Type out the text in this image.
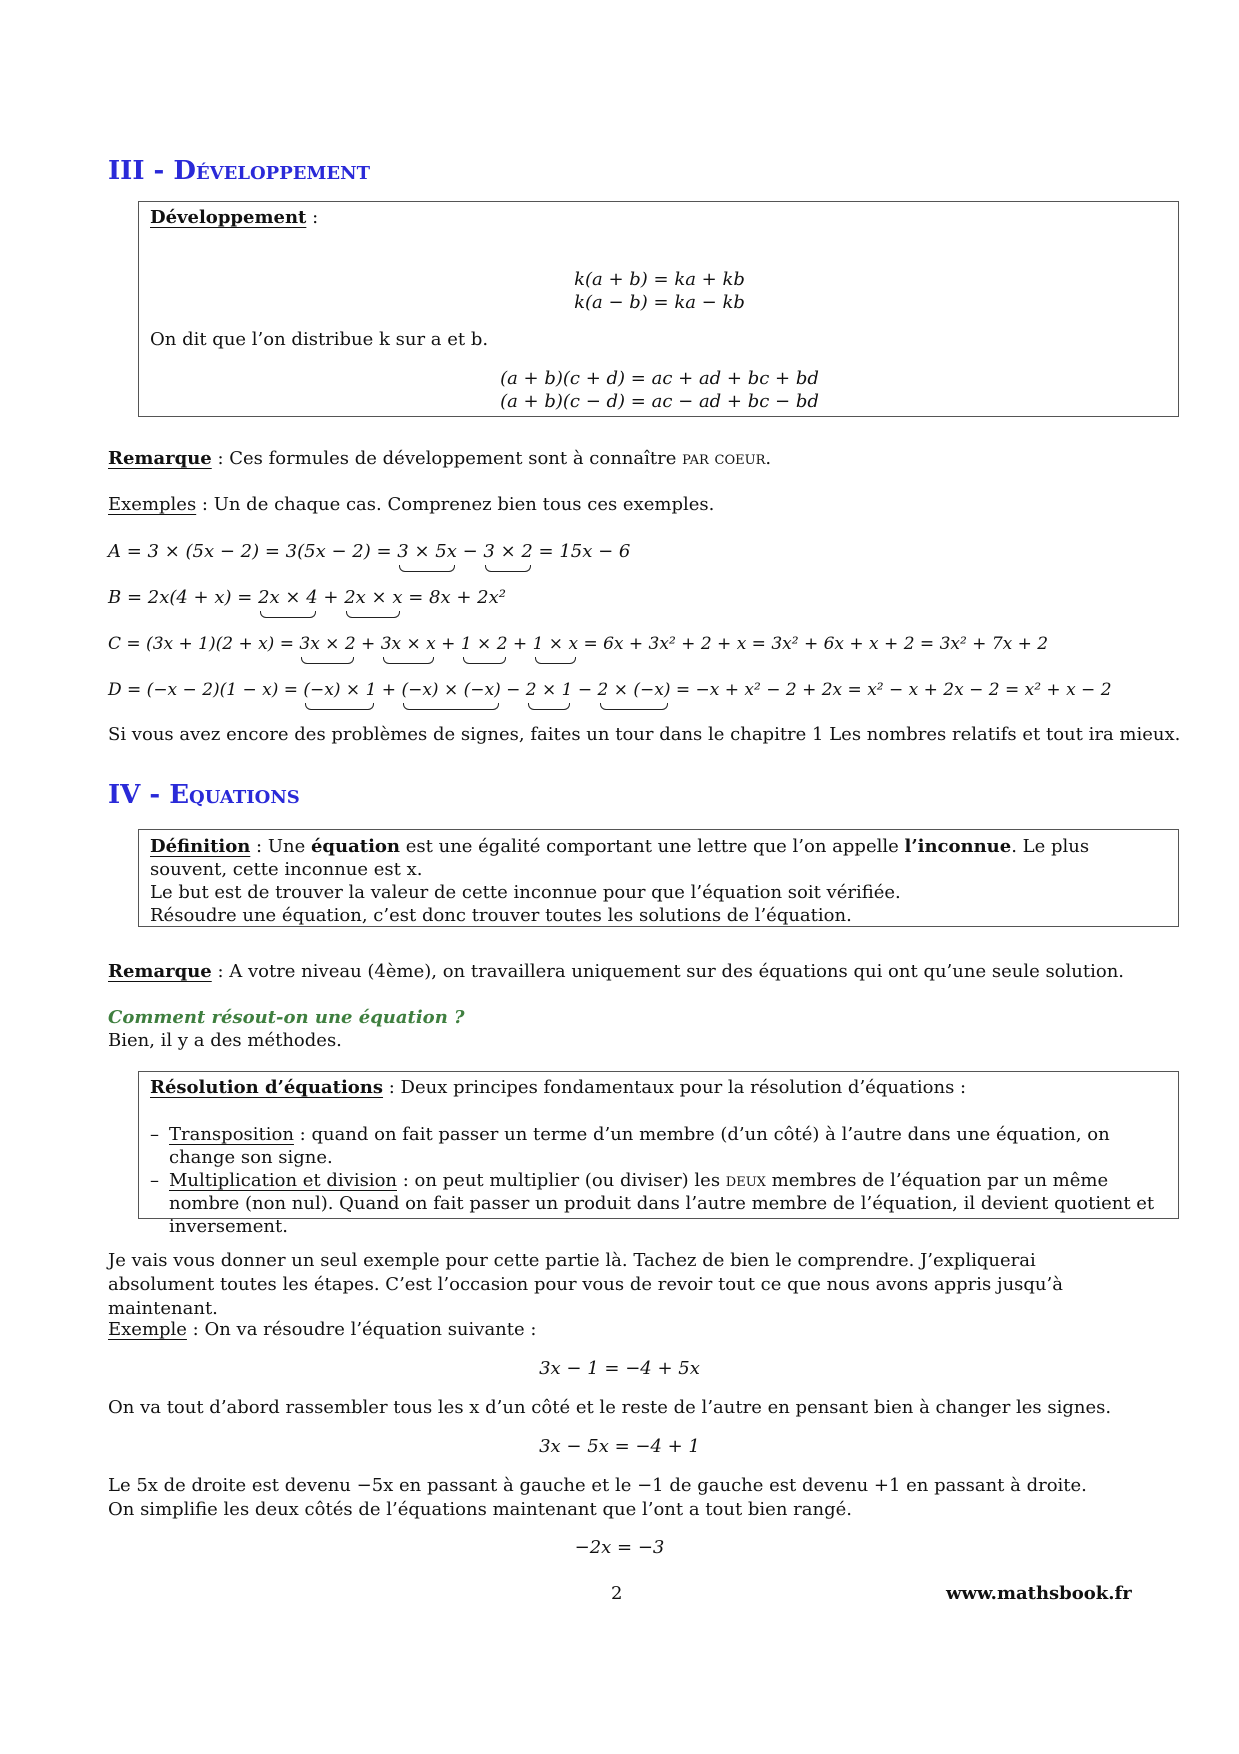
III - Développement
Développement :
k(a + b) = ka + kb
k(a − b) = ka − kb
On dit que l’on distribue k sur a et b.
(a + b)(c + d) = ac + ad + bc + bd
(a + b)(c − d) = ac − ad + bc − bd
Remarque : Ces formules de développement sont à connaître par coeur.
Exemples : Un de chaque cas. Comprenez bien tous ces exemples.
A = 3 × (5x − 2) = 3(5x − 2) = 3 × 5x − 3 × 2 = 15x − 6
B = 2x(4 + x) = 2x × 4 + 2x × x = 8x + 2x²
C = (3x + 1)(2 + x) = 3x × 2 + 3x × x + 1 × 2 + 1 × x = 6x + 3x² + 2 + x = 3x² + 6x + x + 2 = 3x² + 7x + 2
D = (−x − 2)(1 − x) = (−x) × 1 + (−x) × (−x) − 2 × 1 − 2 × (−x) = −x + x² − 2 + 2x = x² − x + 2x − 2 = x² + x − 2
Si vous avez encore des problèmes de signes, faites un tour dans le chapitre 1 Les nombres relatifs et tout ira mieux.
IV - Equations

Définition : Une équation est une égalité comportant une lettre que l’on appelle l’inconnue. Le plus souvent, cette inconnue est x.

Le but est de trouver la valeur de cette inconnue pour que l’équation soit vérifiée.

Résoudre une équation, c’est donc trouver toutes les solutions de l’équation.

Remarque : A votre niveau (4ème), on travaillera uniquement sur des équations qui ont qu’une seule solution.
Comment résout-on une équation ?
Bien, il y a des méthodes.
Résolution d’équations : Deux principes fondamentaux pour la résolution d’équations :
– Transposition : quand on fait passer un terme d’un membre (d’un côté) à l’autre dans une équation, on change son signe.
– Multiplication et division : on peut multiplier (ou diviser) les deux membres de l’équation par un même nombre (non nul). Quand on fait passer un produit dans l’autre membre de l’équation, il devient quotient et inversement.
Je vais vous donner un seul exemple pour cette partie là. Tachez de bien le comprendre. J’expliquerai absolument toutes les étapes. C’est l’occasion pour vous de revoir tout ce que nous avons appris jusqu’à maintenant.
Exemple : On va résoudre l’équation suivante :
3x − 1 = −4 + 5x
On va tout d’abord rassembler tous les x d’un côté et le reste de l’autre en pensant bien à changer les signes.
3x − 5x = −4 + 1

Le 5x de droite est devenu −5x en passant à gauche et le −1 de gauche est devenu +1 en passant à droite.

On simplifie les deux côtés de l’équations maintenant que l’ont a tout bien rangé.

−2x = −3
2	www.mathsbook.fr
